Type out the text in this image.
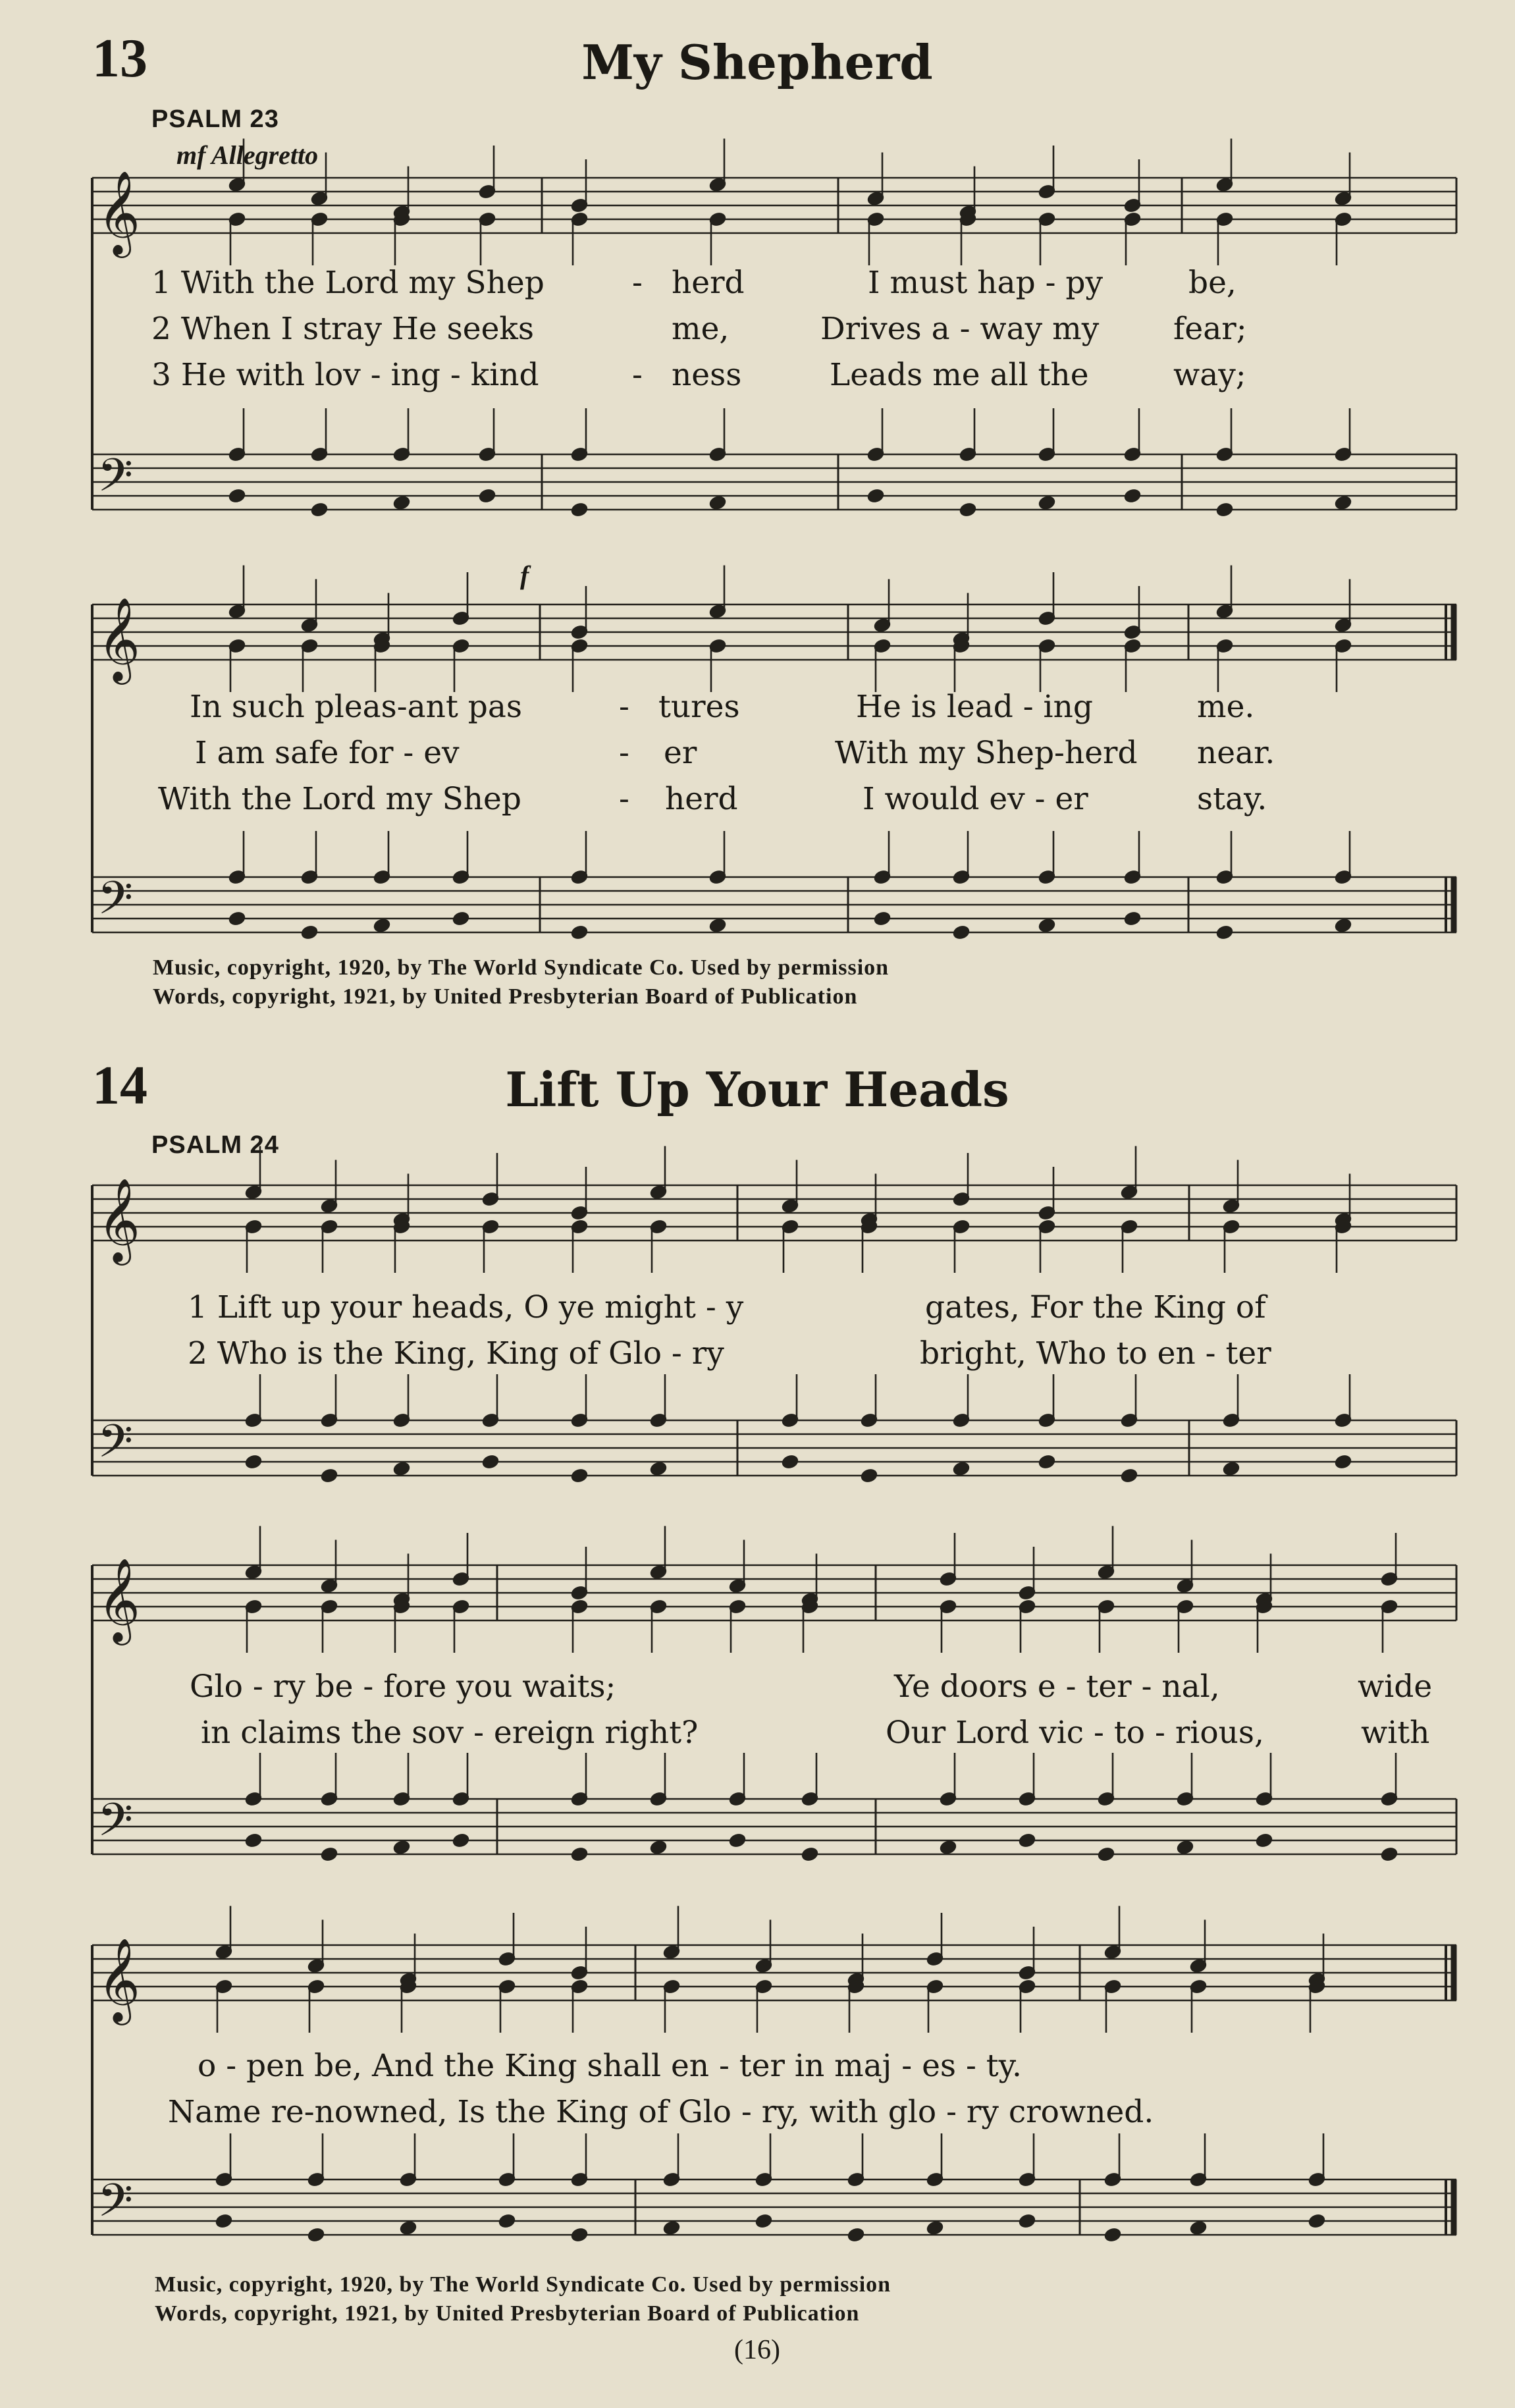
13	My Shepherd
PSALM 23
mf Allegretto
f
1 With the Lord my Shep	- herd	I must hap - py	be,
2 When I stray He seeks	me,	Drives a - way my fear;
3 He with lov - ing - kind	- ness	Leads me all the	way;
In such pleas-ant pas	- tures	He is lead - ing	me.
I am safe for - ev	- er	With my Shep-herd near.
With the Lord my Shep	- herd	I would ev - er	stay.
Music, copyright, 1920, by The World Syndicate Co. Used by permission
Words, copyright, 1921, by United Presbyterian Board of Publication
14	Lift Up Your Heads
PSALM 24
1 Lift up your heads, O ye might - y	gates, For the King of
2 Who is the King, King of Glo - ry	bright, Who to en - ter
Glo - ry be - fore you waits;	Ye doors e - ter - nal,	wide
in claims the sov - ereign right?	Our Lord vic - to - rious,	with
o - pen be, And the King shall en - ter in maj - es - ty.
Name re-nowned, Is the King of Glo - ry, with glo - ry crowned.
Music, copyright, 1920, by The World Syndicate Co. Used by permission
Words, copyright, 1921, by United Presbyterian Board of Publication
(16)
𝄞
𝄢
𝄞
𝄢
𝄞
𝄢
𝄞
𝄢
𝄞
𝄢
